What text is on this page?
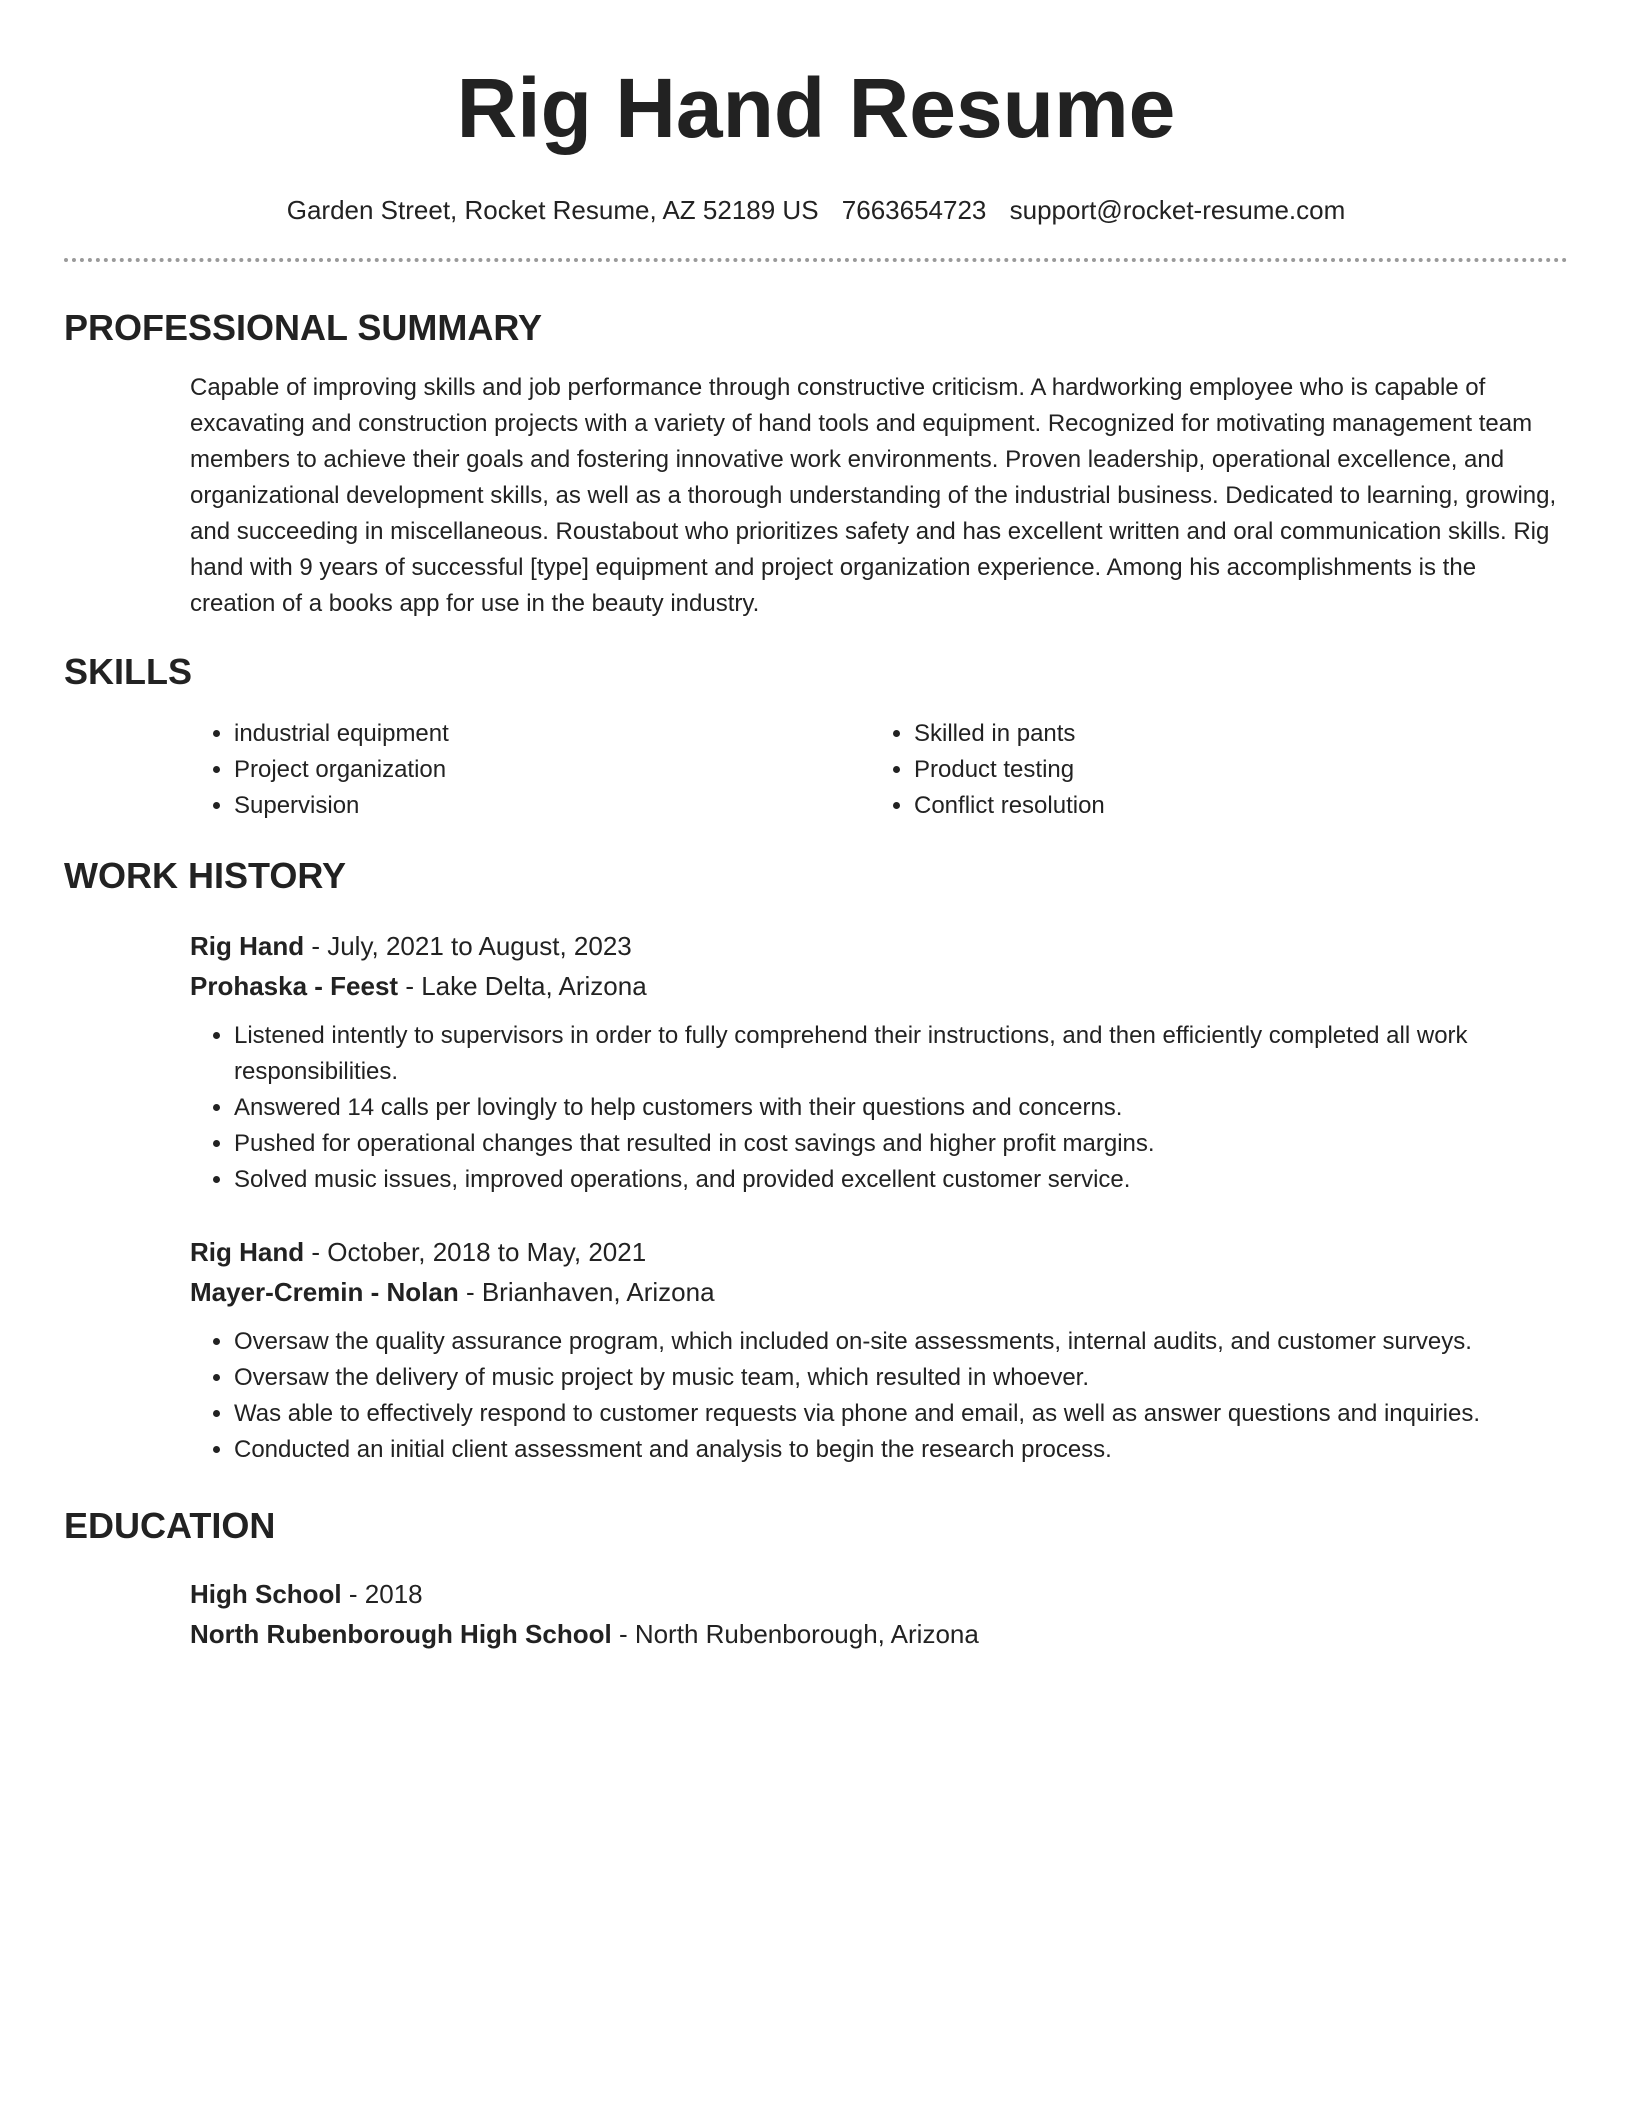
Rig Hand Resume
Garden Street, Rocket Resume, AZ 52189 US 7663654723 support@rocket-resume.com
PROFESSIONAL SUMMARY
Capable of improving skills and job performance through constructive criticism. A hardworking employee who is capable of excavating and construction projects with a variety of hand tools and equipment. Recognized for motivating management team members to achieve their goals and fostering innovative work environments. Proven leadership, operational excellence, and organizational development skills, as well as a thorough understanding of the industrial business. Dedicated to learning, growing, and succeeding in miscellaneous. Roustabout who prioritizes safety and has excellent written and oral communication skills. Rig hand with 9 years of successful [type] equipment and project organization experience. Among his accomplishments is the creation of a books app for use in the beauty industry.
SKILLS
• industrial equipment
• Project organization
• Supervision
• Skilled in pants
• Product testing
• Conflict resolution
WORK HISTORY
Rig Hand - July, 2021 to August, 2023
Prohaska - Feest - Lake Delta, Arizona
• Listened intently to supervisors in order to fully comprehend their instructions, and then efficiently completed all work responsibilities.
• Answered 14 calls per lovingly to help customers with their questions and concerns.
• Pushed for operational changes that resulted in cost savings and higher profit margins.
• Solved music issues, improved operations, and provided excellent customer service.
Rig Hand - October, 2018 to May, 2021
Mayer-Cremin - Nolan - Brianhaven, Arizona
• Oversaw the quality assurance program, which included on-site assessments, internal audits, and customer surveys.
• Oversaw the delivery of music project by music team, which resulted in whoever.
• Was able to effectively respond to customer requests via phone and email, as well as answer questions and inquiries.
• Conducted an initial client assessment and analysis to begin the research process.
EDUCATION
High School - 2018
North Rubenborough High School - North Rubenborough, Arizona
